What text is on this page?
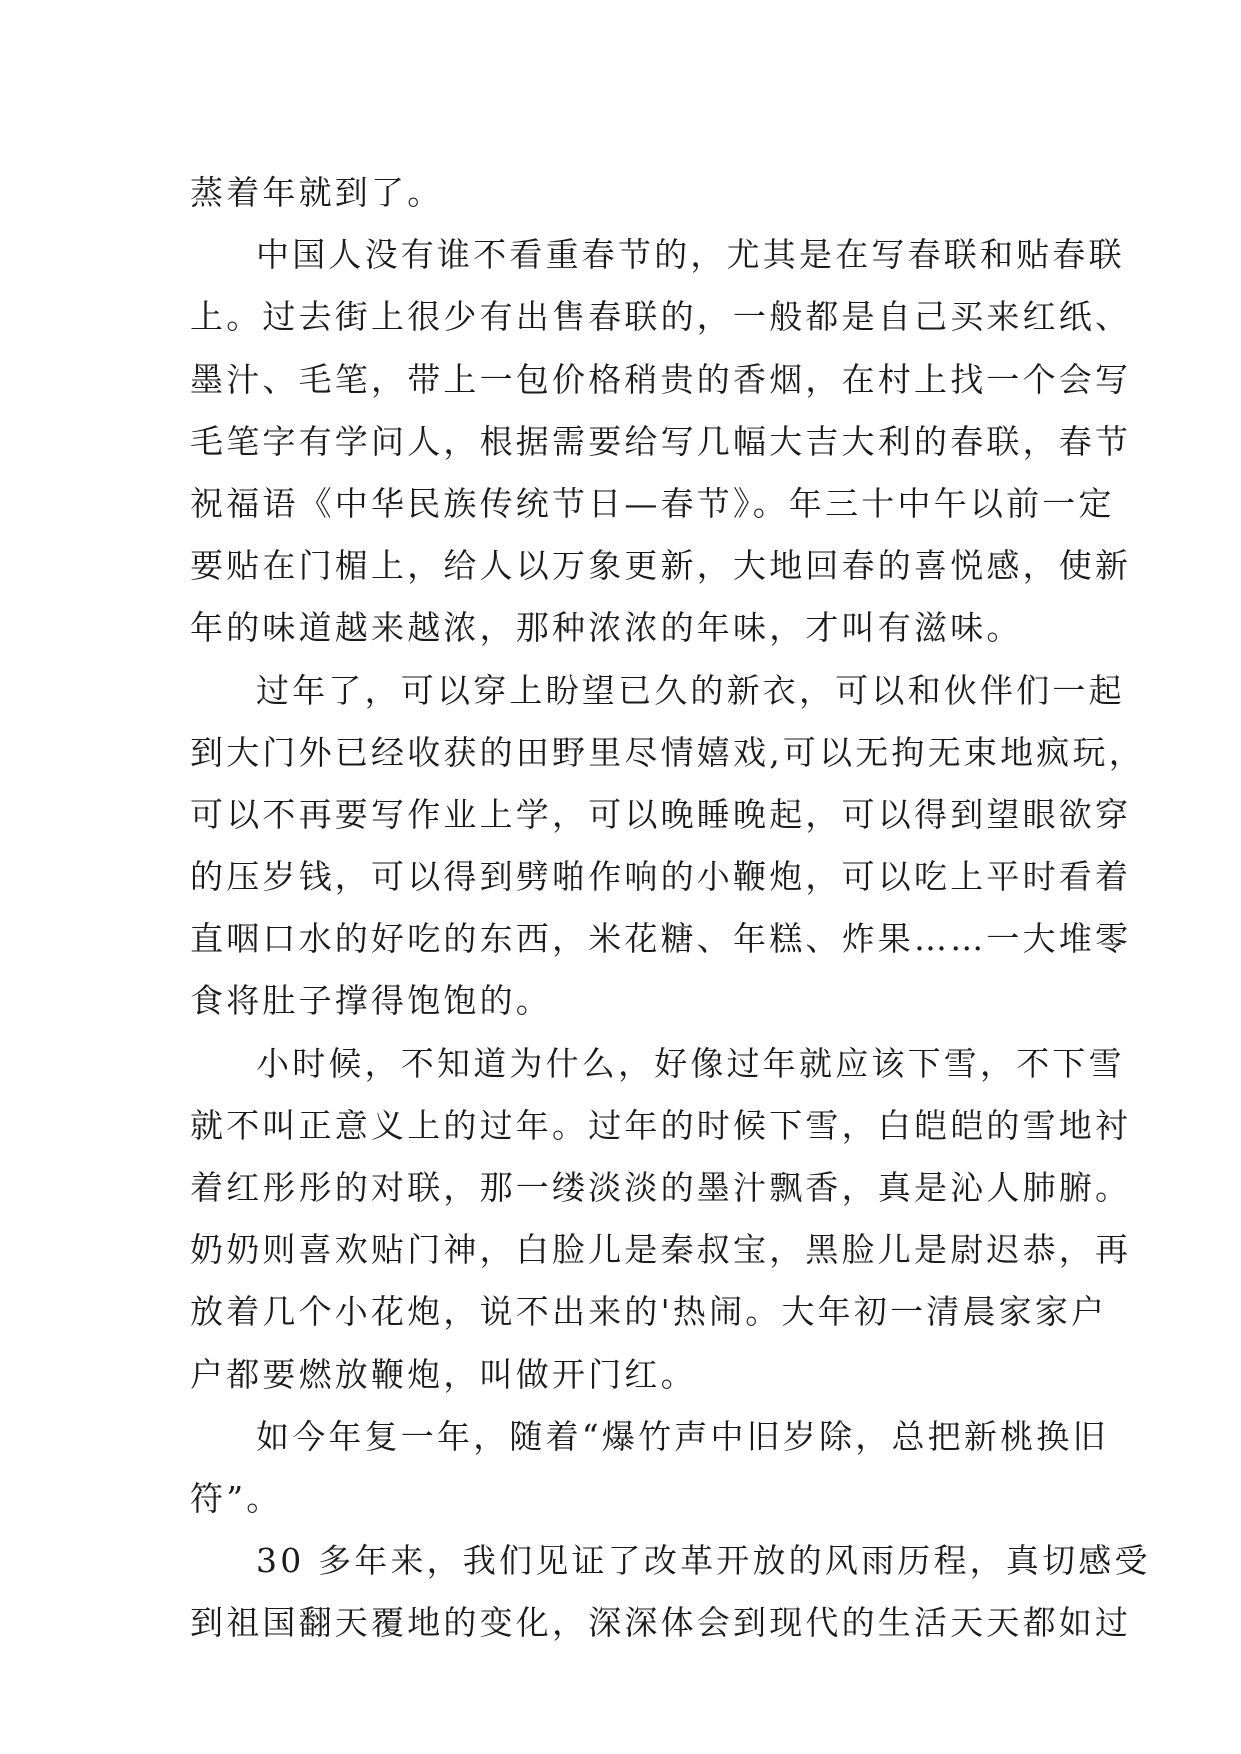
蒸着年就到了。
中国人没有谁不看重春节的，尤其是在写春联和贴春联
上。过去街上很少有出售春联的，一般都是自己买来红纸、
墨汁、毛笔，带上一包价格稍贵的香烟，在村上找一个会写
毛笔字有学问人，根据需要给写几幅大吉大利的春联，春节
祝福语《中华民族传统节日—春节》。年三十中午以前一定
要贴在门楣上，给人以万象更新，大地回春的喜悦感，使新
年的味道越来越浓，那种浓浓的年味，才叫有滋味。
过年了，可以穿上盼望已久的新衣，可以和伙伴们一起
到大门外已经收获的田野里尽情嬉戏,可以无拘无束地疯玩，
可以不再要写作业上学，可以晚睡晚起，可以得到望眼欲穿
的压岁钱，可以得到劈啪作响的小鞭炮，可以吃上平时看着
直咽口水的好吃的东西，米花糖、年糕、炸果……一大堆零
食将肚子撑得饱饱的。
小时候，不知道为什么，好像过年就应该下雪，不下雪
就不叫正意义上的过年。过年的时候下雪，白皑皑的雪地衬
着红彤彤的对联，那一缕淡淡的墨汁飘香，真是沁人肺腑。
奶奶则喜欢贴门神，白脸儿是秦叔宝，黑脸儿是尉迟恭，再
放着几个小花炮，说不出来的'热闹。大年初一清晨家家户
户都要燃放鞭炮，叫做开门红。
如今年复一年，随着“爆竹声中旧岁除，总把新桃换旧
符”。
30 多年来，我们见证了改革开放的风雨历程，真切感受
到祖国翻天覆地的变化，深深体会到现代的生活天天都如过
